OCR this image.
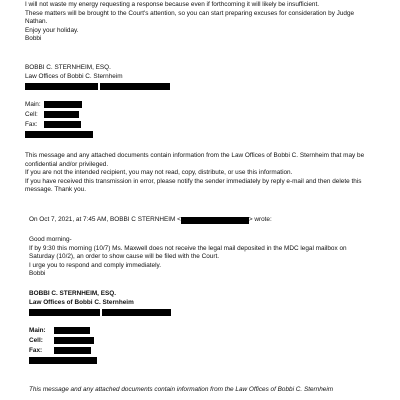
I will not waste my energy requesting a response because even if forthcoming it will likely be insufficient.
These matters will be brought to the Court's attention, so you can start preparing excuses for consideration by Judge
Nathan.
Enjoy your holiday.
Bobbi
BOBBI C. STERNHEIM, ESQ.
Law Offices of Bobbi C. Sternheim

Main:
Cell:
Fax:
This message and any attached documents contain information from the Law Offices of Bobbi C. Sternheim that may be
confidential and/or privileged.
If you are not the intended recipient, you may not read, copy, distribute, or use this information.
If you have received this transmission in error, please notify the sender immediately by reply e-mail and then delete this
message. Thank you.
On Oct 7, 2021, at 7:45 AM, BOBBI C STERNHEIM <	> wrote:
Good morning-
If by 9:30 this morning (10/7) Ms. Maxwell does not receive the legal mail deposited in the MDC legal mailbox on
Saturday (10/2), an order to show cause will be filed with the Court.
I urge you to respond and comply immediately.
Bobbi
BOBBI C. STERNHEIM, ESQ.
Law Offices of Bobbi C. Sternheim

Main:
Cell:
Fax:
This message and any attached documents contain information from the Law Offices of Bobbi C. Sternheim
